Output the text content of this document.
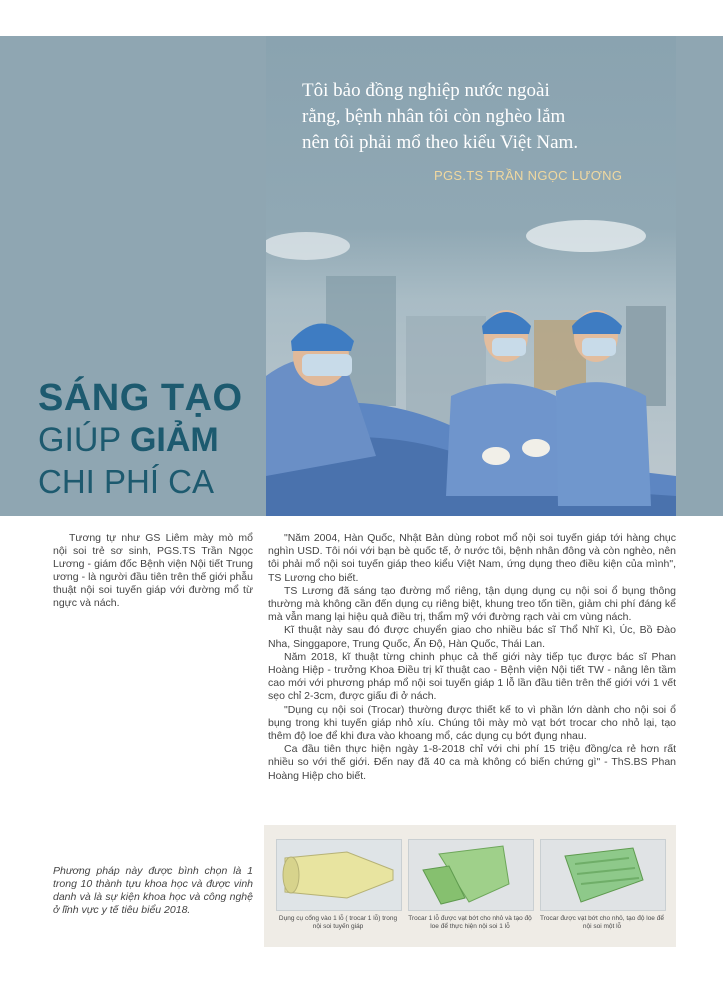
Tôi bảo đồng nghiệp nước ngoài
rằng, bệnh nhân tôi còn nghèo lắm
nên tôi phải mổ theo kiểu Việt Nam.

PGS.TS TRẦN NGỌC LƯƠNG
SÁNG TẠO
GIÚP GIẢM
CHI PHÍ CA

Tương tự như GS Liêm mày mò mổ nội soi trẻ sơ sinh, PGS.TS Trần Ngọc Lương - giám đốc Bệnh viện Nội tiết Trung ương - là người đầu tiên trên thế giới phẫu thuật nội soi tuyến giáp với đường mổ từ ngực và nách.

"Năm 2004, Hàn Quốc, Nhật Bản dùng robot mổ nội soi tuyến giáp tới hàng chục nghìn USD. Tôi nói với bạn bè quốc tế, ở nước tôi, bệnh nhân đông và còn nghèo, nên tôi phải mổ nội soi tuyến giáp theo kiểu Việt Nam, ứng dụng theo điều kiện của mình", TS Lương cho biết.

TS Lương đã sáng tạo đường mổ riêng, tận dụng dụng cụ nội soi ổ bụng thông thường mà không cần đến dụng cụ riêng biệt, khung treo tốn tiền, giảm chi phí đáng kể mà vẫn mang lại hiệu quả điều trị, thẩm mỹ với đường rạch vài cm vùng nách.

Kĩ thuật này sau đó được chuyển giao cho nhiều bác sĩ Thổ Nhĩ Kì, Úc, Bồ Đào Nha, Singgapore, Trung Quốc, Ấn Độ, Hàn Quốc, Thái Lan.

Năm 2018, kĩ thuật từng chinh phục cả thế giới này tiếp tục được bác sĩ Phan Hoàng Hiệp - trưởng Khoa Điều trị kĩ thuật cao - Bệnh viện Nội tiết TW - nâng lên tầm cao mới với phương pháp mổ nội soi tuyến giáp 1 lỗ lần đầu tiên trên thế giới với 1 vết sẹo chỉ 2-3cm, được giấu đi ở nách.

"Dụng cụ nội soi (Trocar) thường được thiết kế to vì phần lớn dành cho nội soi ổ bụng trong khi tuyến giáp nhỏ xíu. Chúng tôi mày mò vạt bớt trocar cho nhỏ lại, tạo thêm độ loe để khi đưa vào khoang mổ, các dụng cụ bớt đụng nhau.

Ca đầu tiên thực hiện ngày 1-8-2018 chỉ với chi phí 15 triệu đồng/ca rẻ hơn rất nhiều so với thế giới. Đến nay đã 40 ca mà không có biến chứng gì" - ThS.BS Phan Hoàng Hiệp cho biết.

Phương pháp này được bình chọn là 1 trong 10 thành tựu khoa học và được vinh danh và là sự kiện khoa học và công nghệ ở lĩnh vực y tế tiêu biểu 2018.
Dụng cụ cổng vào 1 lỗ ( trocar 1 lỗ) trong nội soi tuyến giáp
Trocar 1 lỗ được vạt bớt cho nhỏ và tạo độ loe để thực hiện nội soi 1 lỗ
Trocar được vạt bớt cho nhỏ, tạo độ loe để nội soi một lỗ
